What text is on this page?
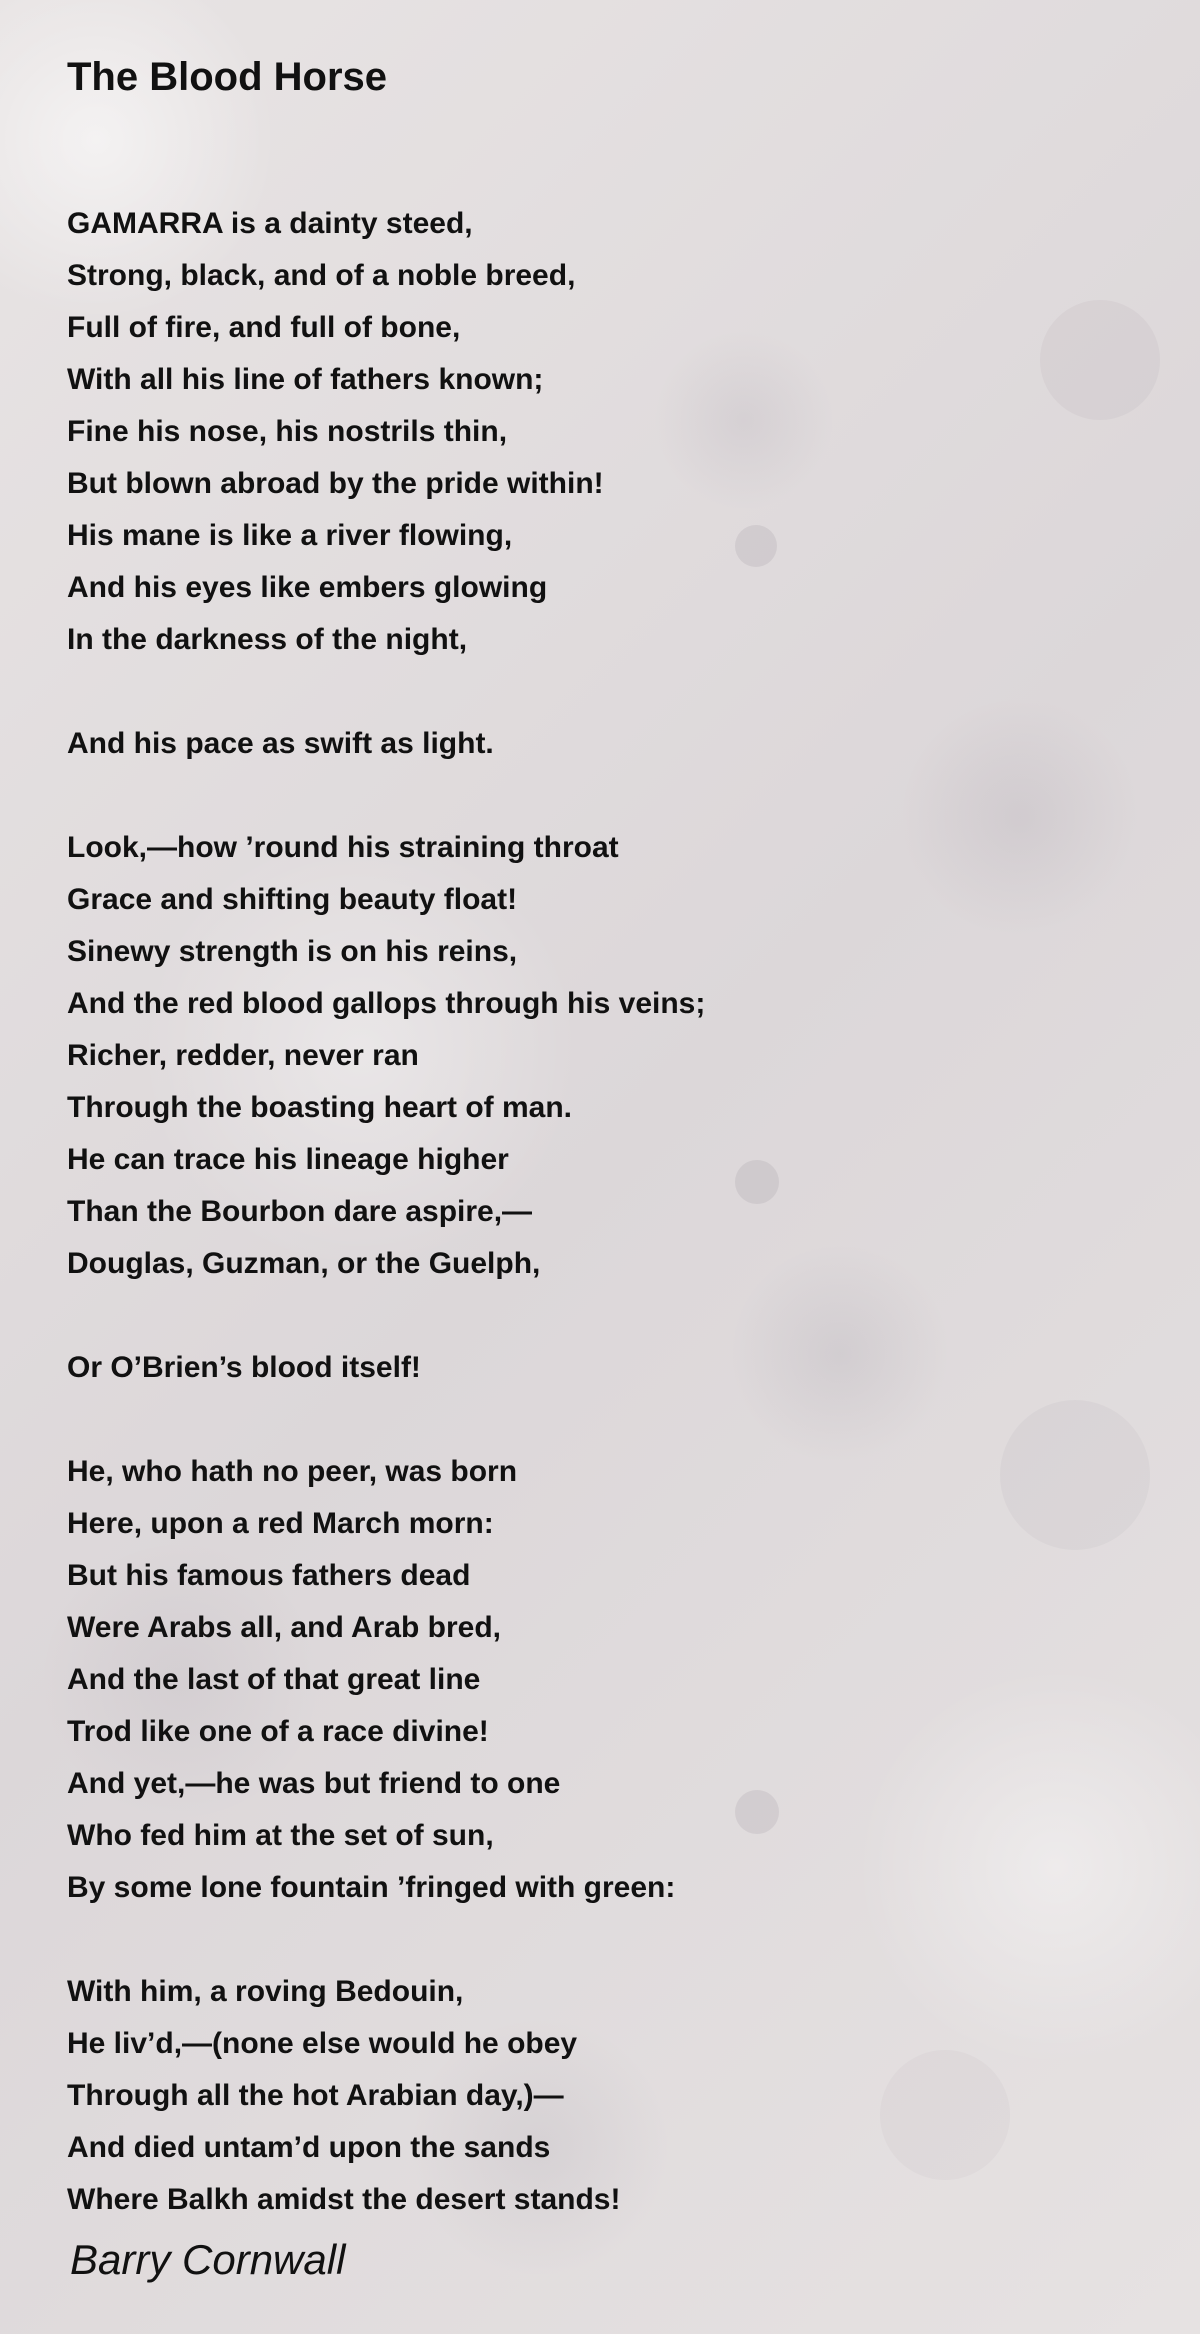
The Blood Horse
GAMARRA is a dainty steed,
Strong, black, and of a noble breed,
Full of fire, and full of bone,
With all his line of fathers known;
Fine his nose, his nostrils thin,
But blown abroad by the pride within!
His mane is like a river flowing,
And his eyes like embers glowing
In the darkness of the night,
And his pace as swift as light.
Look,—how ’round his straining throat
Grace and shifting beauty float!
Sinewy strength is on his reins,
And the red blood gallops through his veins;
Richer, redder, never ran
Through the boasting heart of man.
He can trace his lineage higher
Than the Bourbon dare aspire,—
Douglas, Guzman, or the Guelph,
Or O’Brien’s blood itself!
He, who hath no peer, was born
Here, upon a red March morn:
But his famous fathers dead
Were Arabs all, and Arab bred,
And the last of that great line
Trod like one of a race divine!
And yet,—he was but friend to one
Who fed him at the set of sun,
By some lone fountain ’fringed with green:
With him, a roving Bedouin,
He liv’d,—(none else would he obey
Through all the hot Arabian day,)—
And died untam’d upon the sands
Where Balkh amidst the desert stands!
Barry Cornwall
